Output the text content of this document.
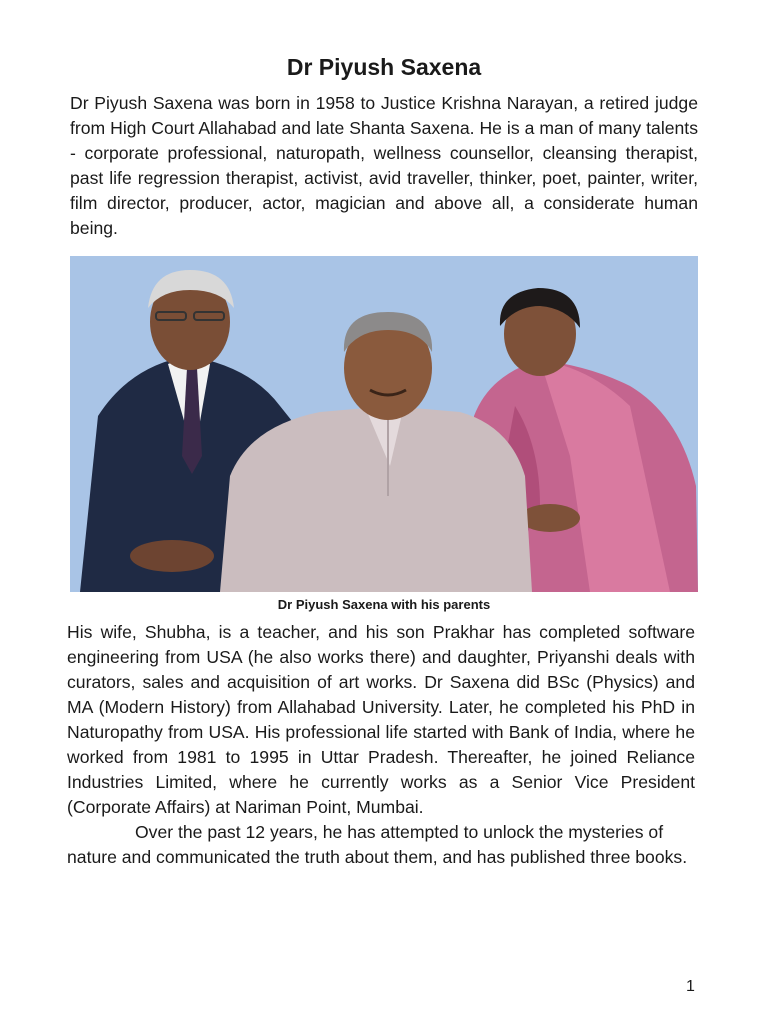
Dr Piyush Saxena

Dr Piyush Saxena was born in 1958 to Justice Krishna Narayan, a retired judge from High Court Allahabad and late Shanta Saxena. He is a man of many talents - corporate professional, naturopath, wellness counsellor, cleansing therapist, past life regression therapist, activist, avid traveller, thinker, poet, painter, writer, film director, producer, actor, magician and above all, a considerate human being.

Dr Piyush Saxena with his parents

His wife, Shubha, is a teacher, and his son Prakhar has completed software engineering from USA (he also works there) and daughter, Priyanshi deals with curators, sales and acquisition of art works. Dr Saxena did BSc (Physics) and MA (Modern History) from Allahabad University. Later, he completed his PhD in Naturopathy from USA. His professional life started with Bank of India, where he worked from 1981 to 1995 in Uttar Pradesh. Thereafter, he joined Reliance Industries Limited, where he currently works as a Senior Vice President (Corporate Affairs) at Nariman Point, Mumbai.

Over the past 12 years, he has attempted to unlock the mysteries of nature and communicated the truth about them, and has published three books.

1
